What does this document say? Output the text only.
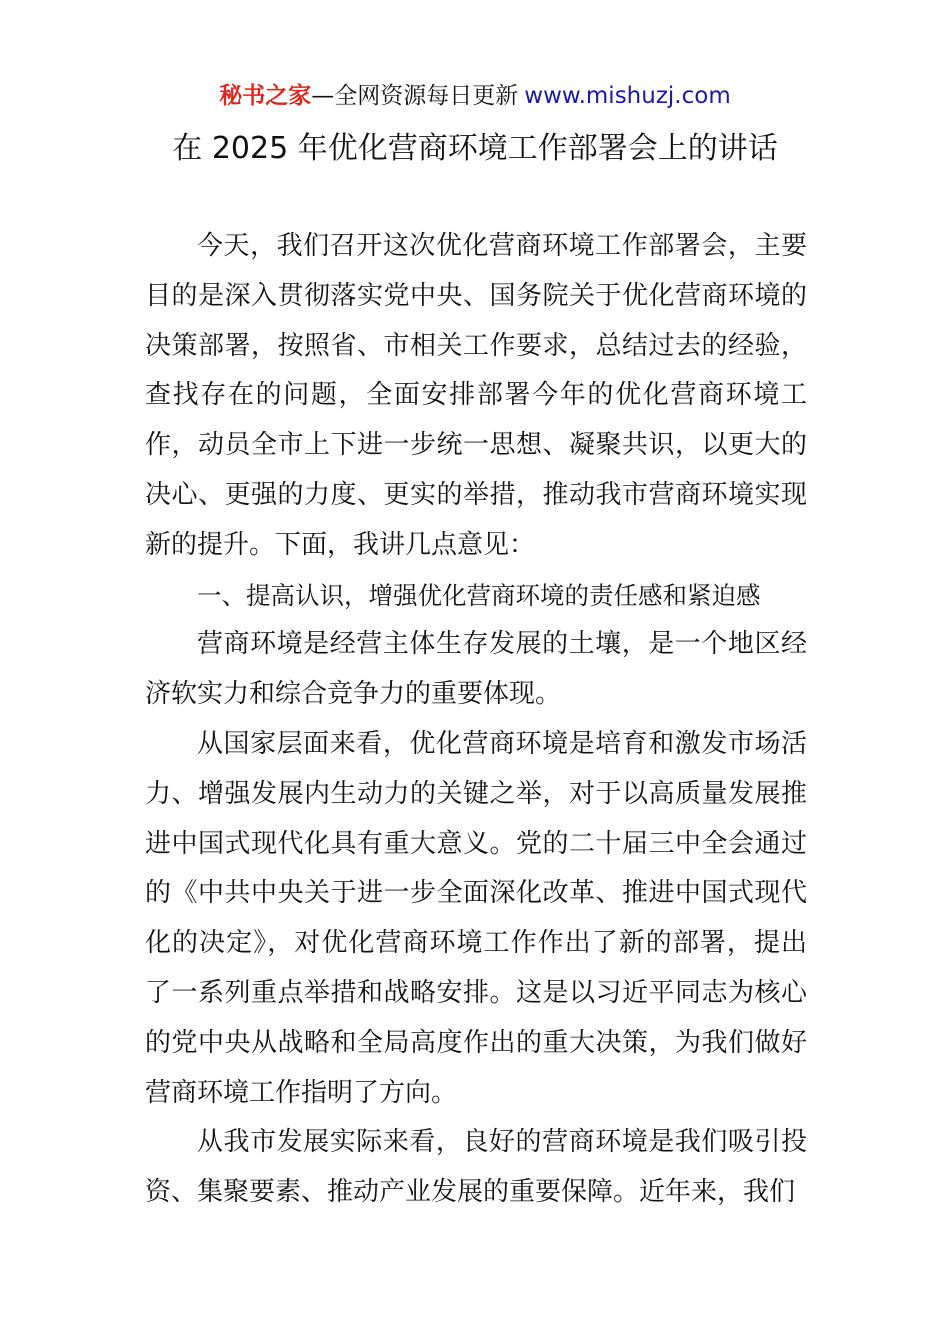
秘书之家—全网资源每日更新 www.mishuzj.com
在 2025 年优化营商环境工作部署会上的讲话

今天，我们召开这次优化营商环境工作部署会，主要目的是深入贯彻落实党中央、国务院关于优化营商环境的决策部署，按照省、市相关工作要求，总结过去的经验，查找存在的问题，全面安排部署今年的优化营商环境工作，动员全市上下进一步统一思想、凝聚共识，以更大的决心、更强的力度、更实的举措，推动我市营商环境实现新的提升。下面，我讲几点意见：

一、提高认识，增强优化营商环境的责任感和紧迫感

营商环境是经营主体生存发展的土壤，是一个地区经济软实力和综合竞争力的重要体现。

从国家层面来看，优化营商环境是培育和激发市场活力、增强发展内生动力的关键之举，对于以高质量发展推进中国式现代化具有重大意义。党的二十届三中全会通过的《中共中央关于进一步全面深化改革、推进中国式现代化的决定》，对优化营商环境工作作出了新的部署，提出了一系列重点举措和战略安排。这是以习近平同志为核心的党中央从战略和全局高度作出的重大决策，为我们做好营商环境工作指明了方向。

从我市发展实际来看，良好的营商环境是我们吸引投资、集聚要素、推动产业发展的重要保障。近年来，我们
